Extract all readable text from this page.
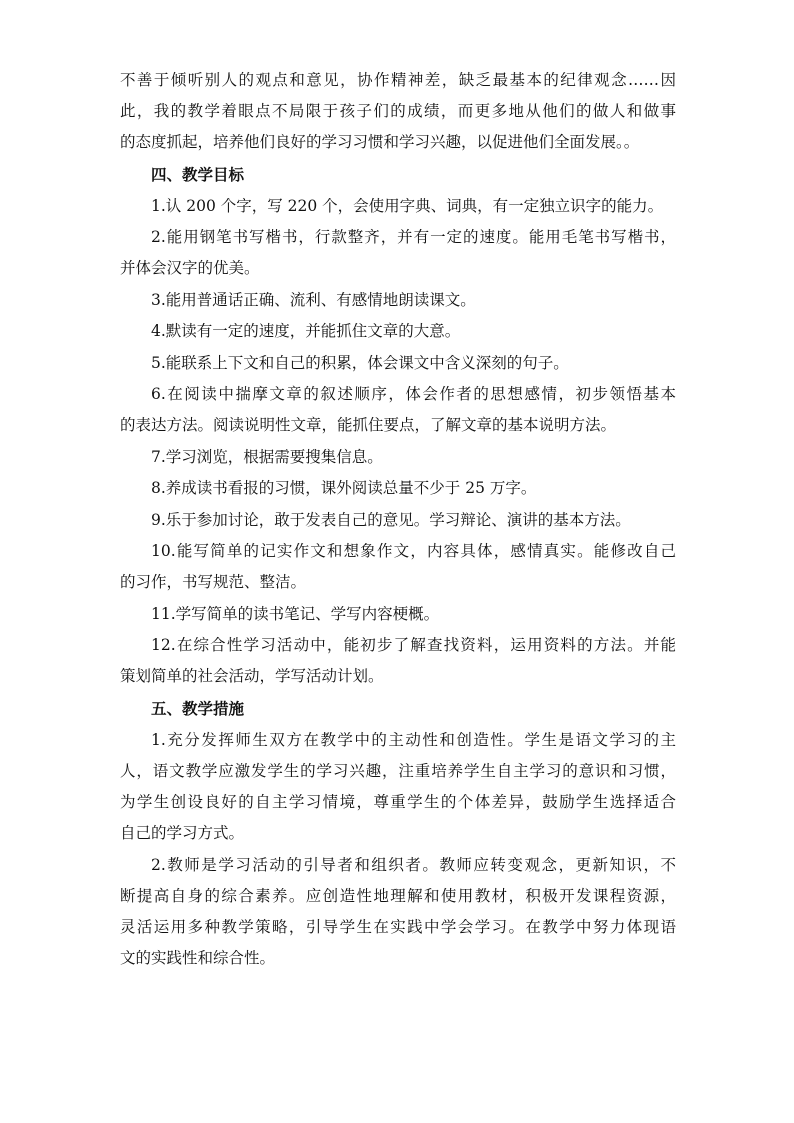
不善于倾听别人的观点和意见，协作精神差，缺乏最基本的纪律观念……因
此，我的教学着眼点不局限于孩子们的成绩，而更多地从他们的做人和做事
的态度抓起，培养他们良好的学习习惯和学习兴趣，以促进他们全面发展。。
四、教学目标
1.认 200 个字，写 220 个，会使用字典、词典，有一定独立识字的能力。
2.能用钢笔书写楷书，行款整齐，并有一定的速度。能用毛笔书写楷书，
并体会汉字的优美。
3.能用普通话正确、流利、有感情地朗读课文。
4.默读有一定的速度，并能抓住文章的大意。
5.能联系上下文和自己的积累，体会课文中含义深刻的句子。
6.在阅读中揣摩文章的叙述顺序，体会作者的思想感情，初步领悟基本
的表达方法。阅读说明性文章，能抓住要点，了解文章的基本说明方法。
7.学习浏览，根据需要搜集信息。
8.养成读书看报的习惯，课外阅读总量不少于 25 万字。
9.乐于参加讨论，敢于发表自己的意见。学习辩论、演讲的基本方法。
10.能写简单的记实作文和想象作文，内容具体，感情真实。能修改自己
的习作，书写规范、整洁。
11.学写简单的读书笔记、学写内容梗概。
12.在综合性学习活动中，能初步了解查找资料，运用资料的方法。并能
策划简单的社会活动，学写活动计划。
五、教学措施
1.充分发挥师生双方在教学中的主动性和创造性。学生是语文学习的主
人，语文教学应激发学生的学习兴趣，注重培养学生自主学习的意识和习惯，
为学生创设良好的自主学习情境，尊重学生的个体差异，鼓励学生选择适合
自己的学习方式。
2.教师是学习活动的引导者和组织者。教师应转变观念，更新知识，不
断提高自身的综合素养。应创造性地理解和使用教材，积极开发课程资源，
灵活运用多种教学策略，引导学生在实践中学会学习。在教学中努力体现语
文的实践性和综合性。
